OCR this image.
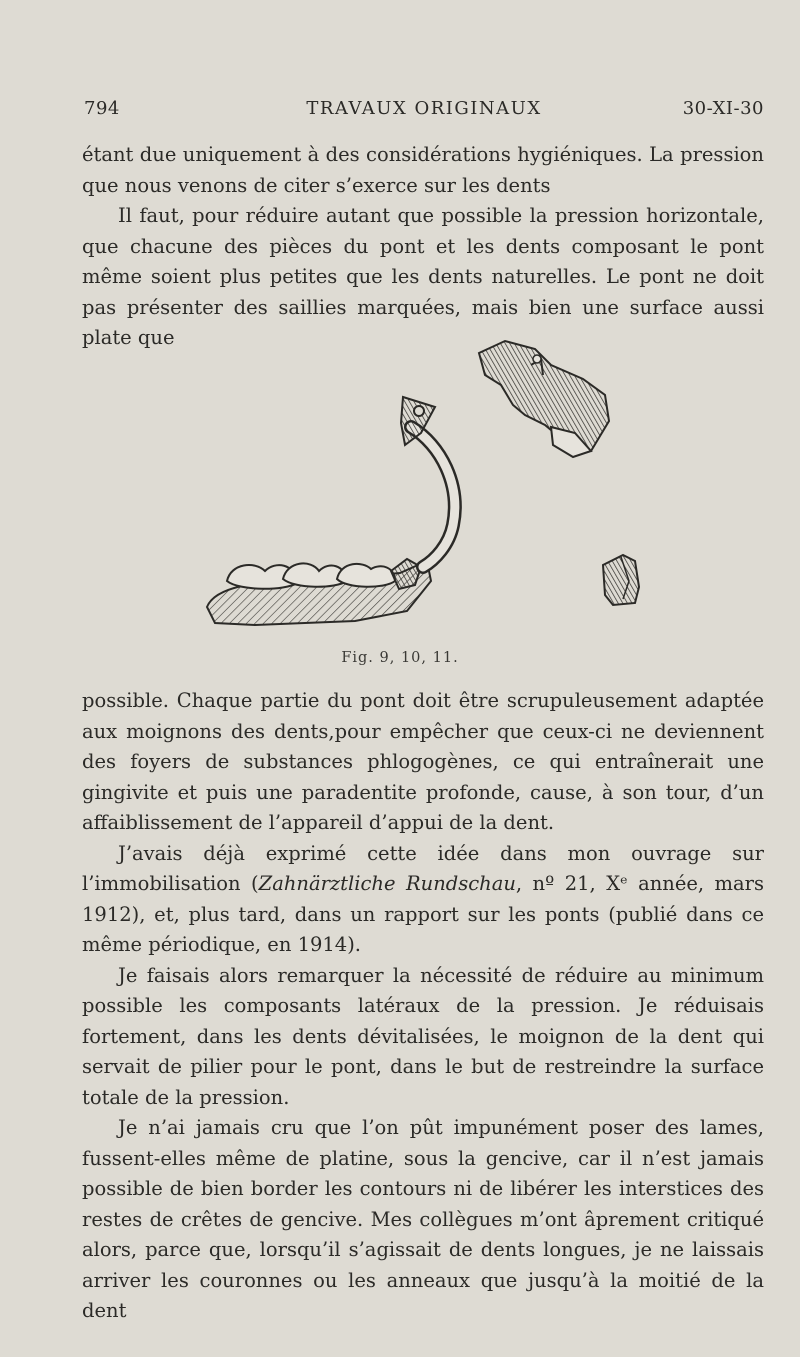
794	TRAVAUX ORIGINAUX	30-XI-30

étant due uniquement à des considérations hygiéniques. La pression que nous venons de citer s’exerce sur les dents

Il faut, pour réduire autant que possible la pression horizontale, que chacune des pièces du pont et les dents composant le pont même soient plus petites que les dents naturelles. Le pont ne doit pas présenter des saillies marquées, mais bien une surface aussi plate que

Fig. 9, 10, 11.

possible. Chaque partie du pont doit être scrupuleusement adaptée aux moignons des dents,pour empêcher que ceux-ci ne deviennent des foyers de substances phlogogènes, ce qui entraînerait une gingivite et puis une paradentite profonde, cause, à son tour, d’un affaiblissement de l’appareil d’appui de la dent.

J’avais déjà exprimé cette idée dans mon ouvrage sur l’immobilisation (Zahnärztliche Rundschau, nº 21, Xᵉ année, mars 1912), et, plus tard, dans un rapport sur les ponts (publié dans ce même périodique, en 1914).

Je faisais alors remarquer la nécessité de réduire au minimum possible les composants latéraux de la pression. Je réduisais fortement, dans les dents dévitalisées, le moignon de la dent qui servait de pilier pour le pont, dans le but de restreindre la surface totale de la pression.

Je n’ai jamais cru que l’on pût impunément poser des lames, fussent-elles même de platine, sous la gencive, car il n’est jamais possible de bien border les contours ni de libérer les interstices des restes de crêtes de gencive. Mes collègues m’ont âprement critiqué alors, parce que, lorsqu’il s’agissait de dents longues, je ne laissais arriver les couronnes ou les anneaux que jusqu’à la moitié de la dent
